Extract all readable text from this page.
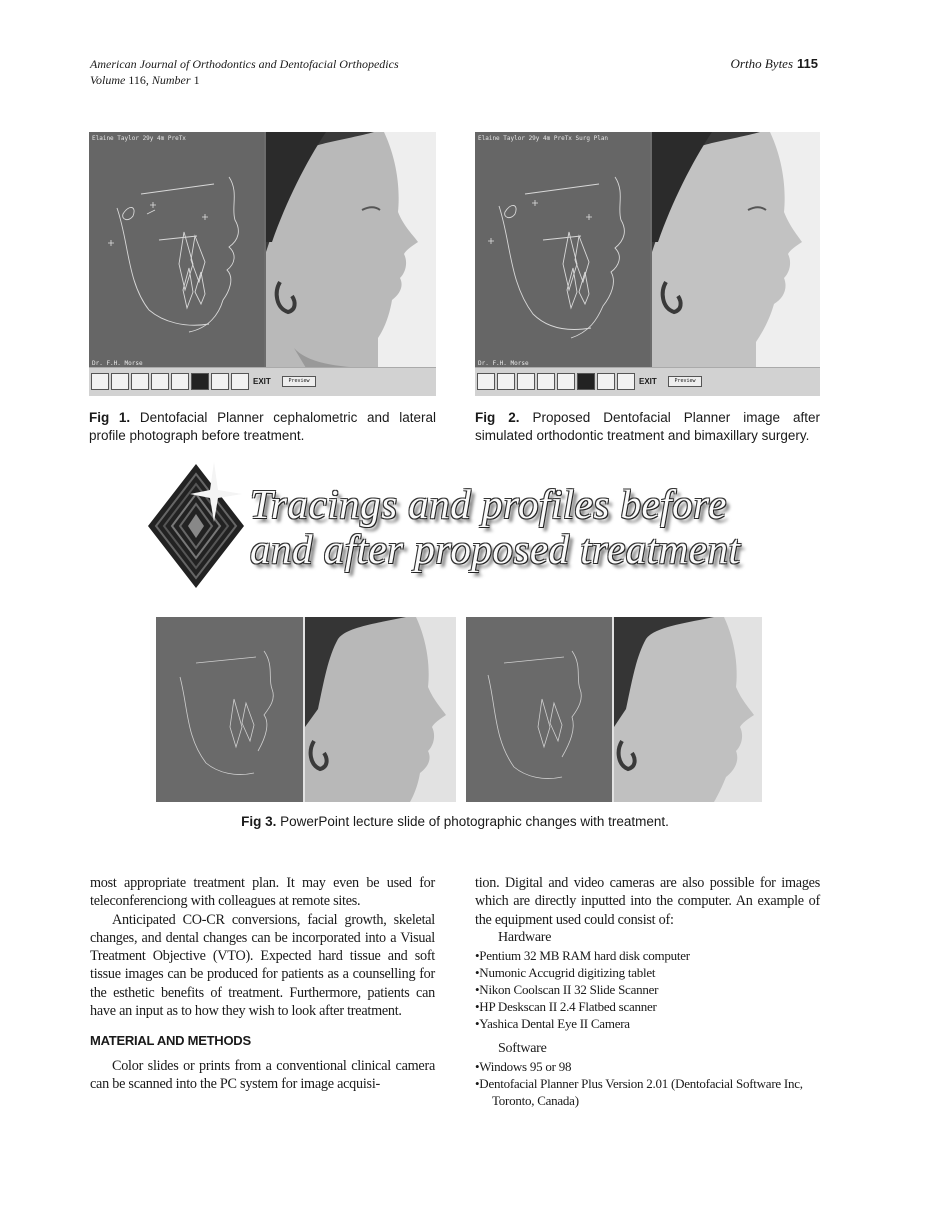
American Journal of Orthodontics and Dentofacial Orthopedics
Volume 116, Number 1
Ortho Bytes 115
Elaine Taylor 29y 4m PreTx
Dr. F.H. Morse
EXIT	Preview
Fig 1. Dentofacial Planner cephalometric and lateral profile photograph before treatment.
Elaine Taylor 29y 4m PreTx Surg Plan
Dr. F.H. Morse
EXIT	Preview
Fig 2. Proposed Dentofacial Planner image after simulated orthodontic treatment and bimaxillary surgery.
Tracings and profiles before
and after proposed treatment
Fig 3. PowerPoint lecture slide of photographic changes with treatment.

most appropriate treatment plan. It may even be used for teleconferenciong with colleagues at remote sites.

Anticipated CO-CR conversions, facial growth, skeletal changes, and dental changes can be incorporated into a Visual Treatment Objective (VTO). Expected hard tissue and soft tissue images can be produced for patients as a counselling for the esthetic benefits of treatment. Furthermore, patients can have an input as to how they wish to look after treatment.

MATERIAL AND METHODS

Color slides or prints from a conventional clinical camera can be scanned into the PC system for image acquisi-

tion. Digital and video cameras are also possible for images which are directly inputted into the computer. An example of the equipment used could consist of:

Hardware
•Pentium 32 MB RAM hard disk computer
•Numonic Accugrid digitizing tablet
•Nikon Coolscan II 32 Slide Scanner
•HP Deskscan II 2.4 Flatbed scanner
•Yashica Dental Eye II Camera
Software
•Windows 95 or 98
•Dentofacial Planner Plus Version 2.01 (Dentofacial Software Inc, Toronto, Canada)
